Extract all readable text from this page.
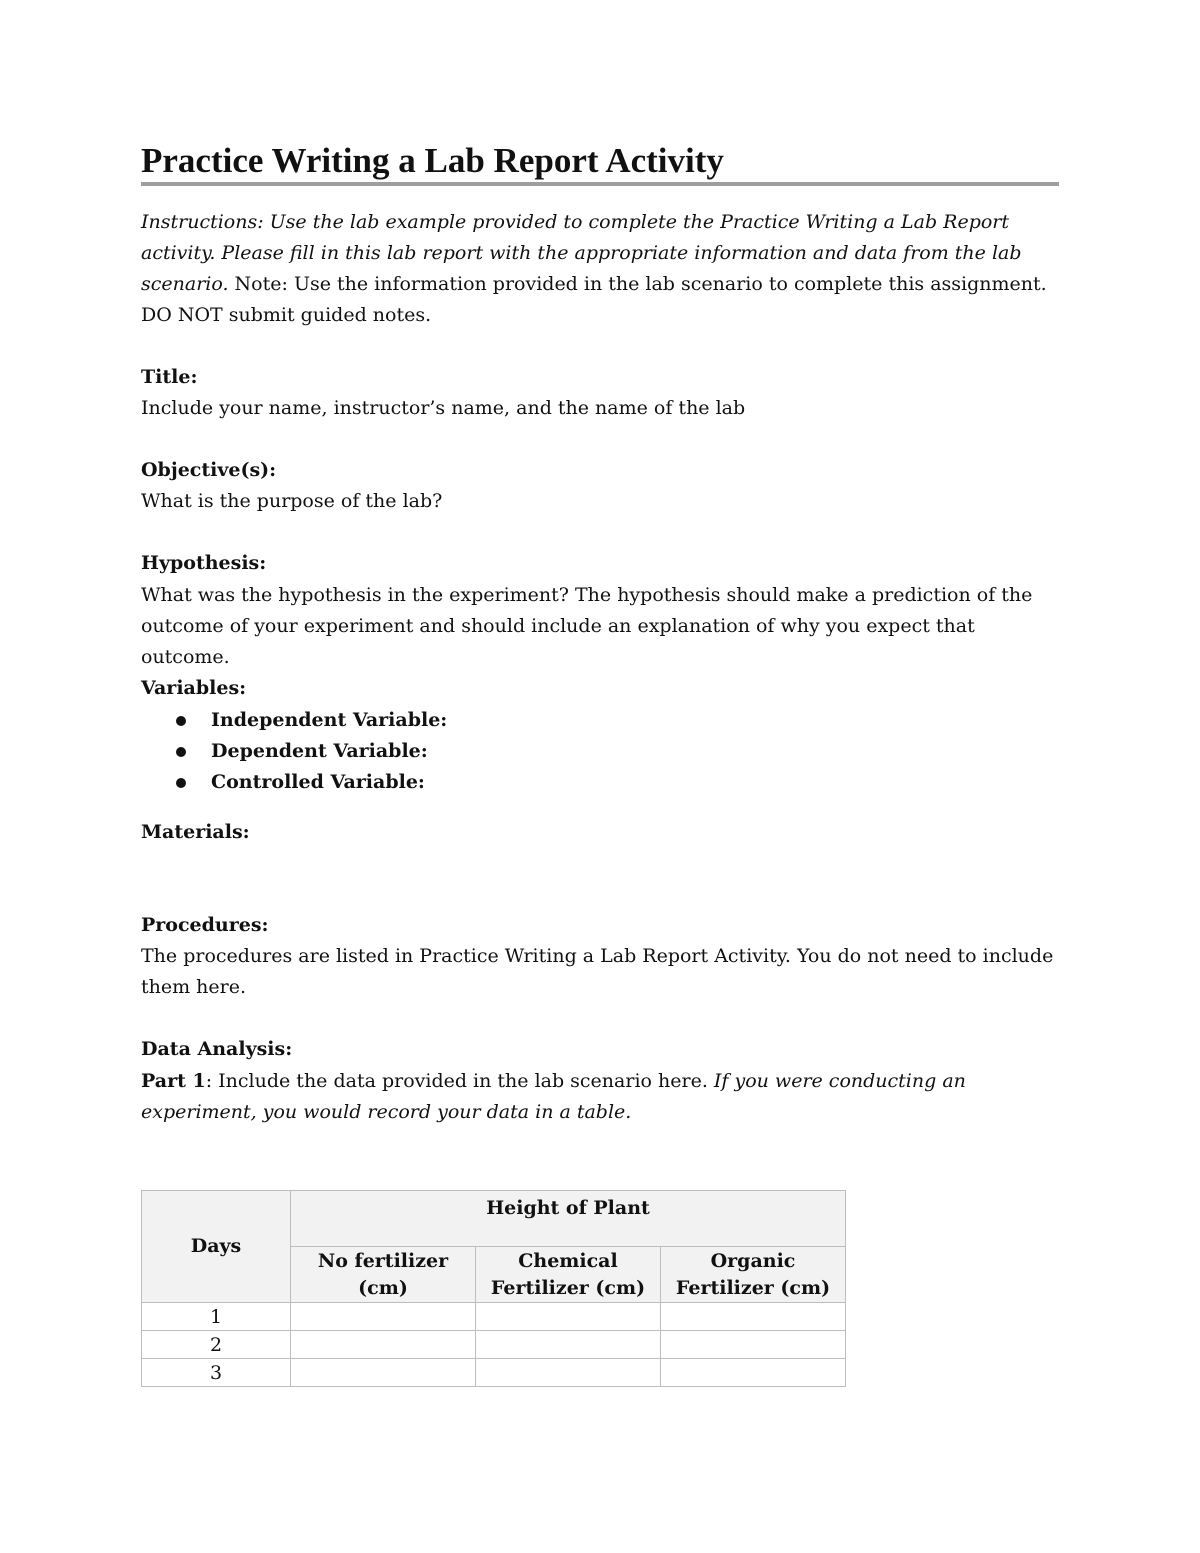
Practice Writing a Lab Report Activity
Instructions: Use the lab example provided to complete the Practice Writing a Lab Report activity. Please fill in this lab report with the appropriate information and data from the lab scenario. Note: Use the information provided in the lab scenario to complete this assignment. DO NOT submit guided notes.
Title:
Include your name, instructor’s name, and the name of the lab
Objective(s):
What is the purpose of the lab?
Hypothesis:
What was the hypothesis in the experiment? The hypothesis should make a prediction of the outcome of your experiment and should include an explanation of why you expect that outcome.
Variables:
Independent Variable:
Dependent Variable:
Controlled Variable:
Materials:
Procedures:
The procedures are listed in Practice Writing a Lab Report Activity. You do not need to include them here.
Data Analysis:
Part 1: Include the data provided in the lab scenario here. If you were conducting an experiment, you would record your data in a table.
Days	Height of Plant		
	No fertilizer (cm)	Chemical Fertilizer (cm)	Organic Fertilizer (cm)
1			
2			
3			
